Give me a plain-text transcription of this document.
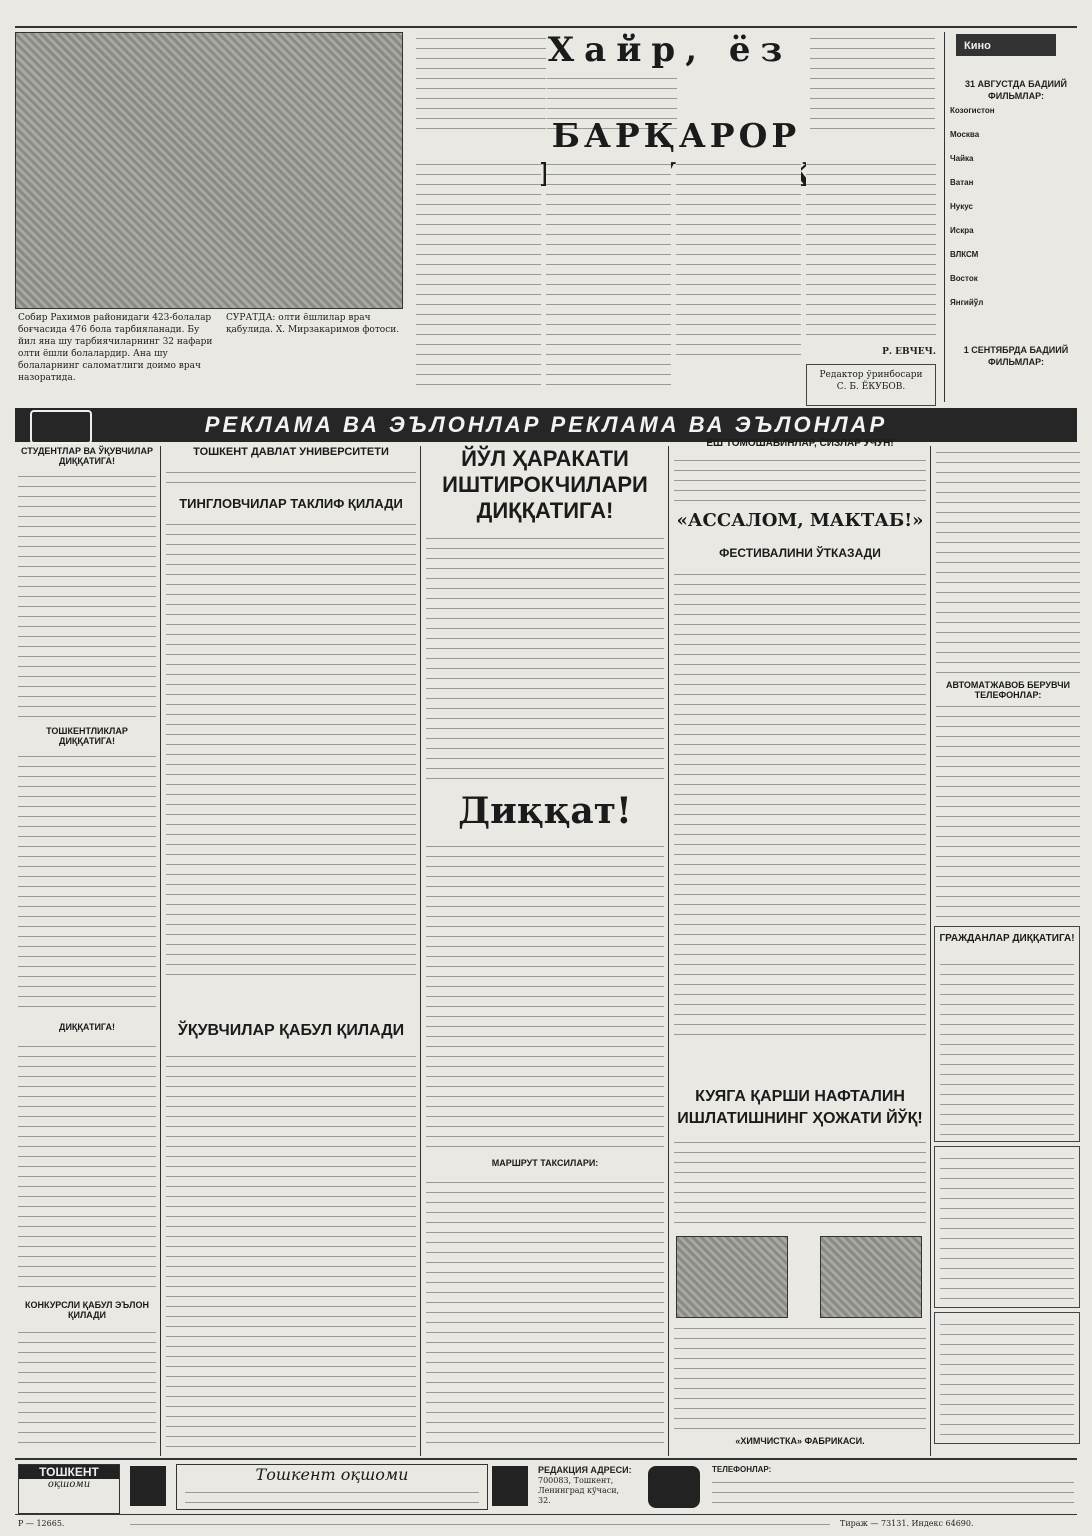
Собир Рахимов районидаги 423-болалар боғчасида 476 бола тарбияланади. Бу йил яна шу тарбиячиларнинг 32 нафари олти ёшли болалардир. Ана шу болаларнинг саломатлиги доимо врач назоратида.
СУРАТДА: олти ёшлилар врач қабулида. Х. Мирзакаримов фотоси.
Хайр, ёз
БАРҚАРОР
Р. ЕВЧЕЧ.
Редактор ўринбосари
С. Б. ЁКУБОВ.
Кино
31 АВГУСТДА БАДИИЙ ФИЛЬМЛАР:
Козогистон
Москва
Чайка
Ватан
Нукус
Искра
ВЛКСМ
Восток
Янгийўл
1 СЕНТЯБРДА БАДИИЙ ФИЛЬМЛАР:
РЕКЛАМА ВА ЭЪЛОНЛАР РЕКЛАМА ВА ЭЪЛОНЛАР
СТУДЕНТЛАР ВА ЎҚУВЧИЛАР ДИҚҚАТИГА!
ТОШКЕНТЛИКЛАР ДИҚҚАТИГА!
ДИҚҚАТИГА!
КОНКУРСЛИ ҚАБУЛ ЭЪЛОН ҚИЛАДИ
ТОШКЕНТ ДАВЛАТ УНИВЕРСИТЕТИ
ТИНГЛОВЧИЛАР ТАКЛИФ ҚИЛАДИ
ЎҚУВЧИЛАР ҚАБУЛ ҚИЛАДИ
ЙЎЛ ҲАРАКАТИ ИШТИРОКЧИЛАРИ ДИҚҚАТИГА!
Диққат!
МАРШРУТ ТАКСИЛАРИ:
ЁШ ТОМОШАБИНЛАР, СИЗЛАР УЧУН!
«АССАЛОМ, МАКТАБ!»
ФЕСТИВАЛИНИ ЎТКАЗАДИ
КУЯГА ҚАРШИ НАФТАЛИН ИШЛАТИШНИНГ ҲОЖАТИ ЙЎҚ!
«ХИМЧИСТКА» ФАБРИКАСИ.
АВТОМАТЖАВОБ БЕРУВЧИ ТЕЛЕФОНЛАР:
ГРАЖДАНЛАР ДИҚҚАТИГА!
ТОШКЕНТ
оқшоми
Тошкент оқшоми	РЕДАКЦИЯ АДРЕСИ:
700083, Тошкент, Ленинград кўчаси, 32.
ТЕЛЕФОНЛАР:
Р — 12665.	Тираж — 73131. Индекс 64690.
